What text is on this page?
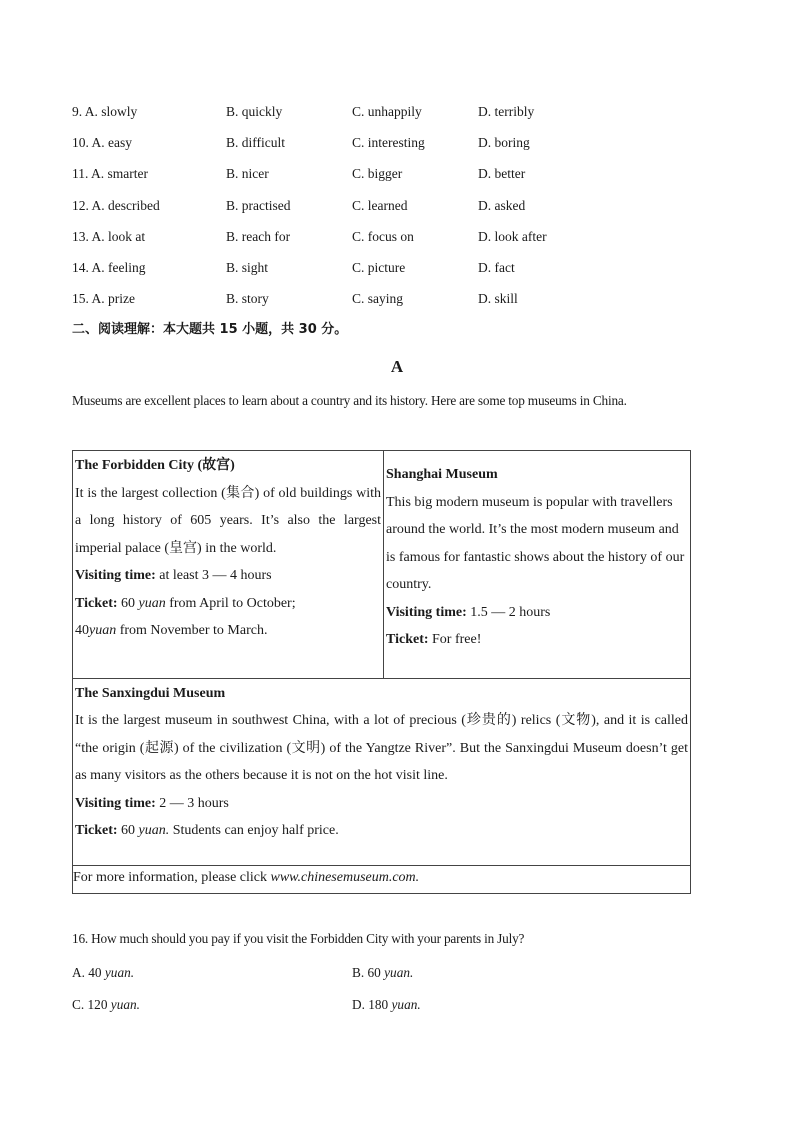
9. A. slowly	B. quickly	C. unhappily	D. terribly
10. A. easy	B. difficult	C. interesting	D. boring
11. A. smarter	B. nicer	C. bigger	D. better
12. A. described	B. practised	C. learned	D. asked
13. A. look at	B. reach for	C. focus on	D. look after
14. A. feeling	B. sight	C. picture	D. fact
15. A. prize	B. story	C. saying	D. skill
二、阅读理解：本大题共 15 小题，共 30 分。
A
Museums are excellent places to learn about a country and its history. Here are some top museums in China.
The Forbidden City (故宫)
It is the largest collection (集合) of old buildings with a long history of 605 years. It’s also the largest imperial palace (皇宫) in the world.
Visiting time: at least 3 — 4 hours
Ticket: 60 yuan from April to October;
40yuan from November to March.

Shanghai Museum
This big modern museum is popular with travellers around the world. It’s the most modern museum and is famous for fantastic shows about the history of our country.
Visiting time: 1.5 — 2 hours
Ticket: For free!

The Sanxingdui Museum
It is the largest museum in southwest China, with a lot of precious (珍贵的) relics (文物), and it is called “the origin (起源) of the civilization (文明) of the Yangtze River”. But the Sanxingdui Museum doesn’t get as many visitors as the others because it is not on the hot visit line.
Visiting time: 2 — 3 hours
Ticket: 60 yuan. Students can enjoy half price.

For more information, please click www.chinesemuseum.com.
16. How much should you pay if you visit the Forbidden City with your parents in July?
A. 40 yuan.	B. 60 yuan.
C. 120 yuan.	D. 180 yuan.
